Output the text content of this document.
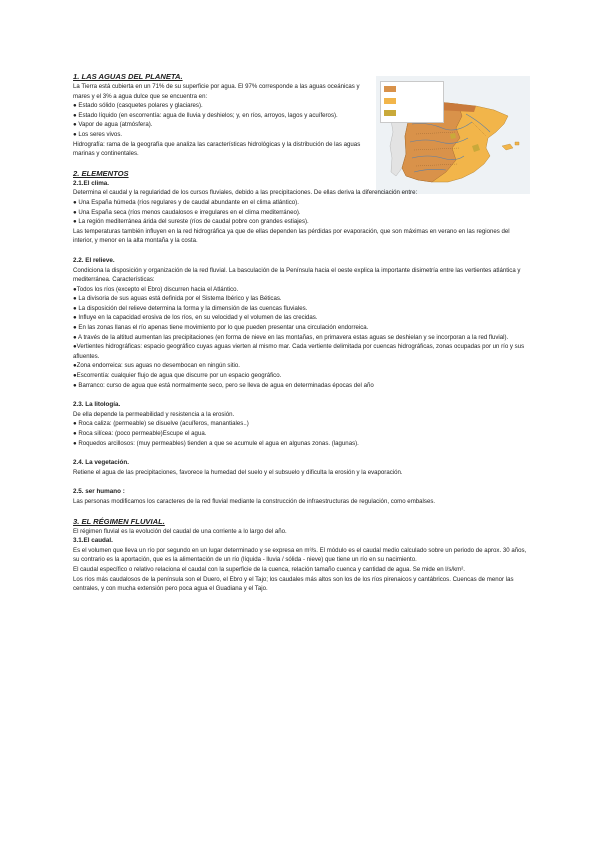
1. LAS AGUAS DEL PLANETA.

La Tierra está cubierta en un 71% de su superficie por agua. El 97% corresponde a las aguas oceánicas y mares y el 3% a agua dulce que se encuentra en:

● Estado sólido (casquetes polares y glaciares).

● Estado líquido (en escorrentía: agua de lluvia y deshielos; y, en ríos, arroyos, lagos y acuíferos).

● Vapor de agua (atmósfera).

● Los seres vivos.

Hidrografía: rama de la geografía que analiza las características hidrológicas y la distribución de las aguas marinas y continentales.

2. ELEMENTOS

2.1.El clima.

Determina el caudal y la regularidad de los cursos fluviales, debido a las precipitaciones. De ellas deriva la diferenciación entre:

● Una España húmeda (ríos regulares y de caudal abundante en el clima atlántico).

● Una España seca (ríos menos caudalosos e irregulares en el clima mediterráneo).

● La región mediterránea árida del sureste (ríos de caudal pobre con grandes estiajes).

Las temperaturas también influyen en la red hidrográfica ya que de ellas dependen las pérdidas por evaporación, que son máximas en verano en las regiones del interior, y menor en la alta montaña y la costa.

2.2. El relieve.

Condiciona la disposición y organización de la red fluvial. La basculación de la Península hacia el oeste explica la importante disimetría entre las vertientes atlántica y mediterránea. Características:

●Todos los ríos (excepto el Ebro) discurren hacia el Atlántico.

● La divisoria de sus aguas está definida por el Sistema Ibérico y las Béticas.

● La disposición del relieve determina la forma y la dimensión de las cuencas fluviales.

● Influye en la capacidad erosiva de los ríos, en su velocidad y el volumen de las crecidas.

● En las zonas llanas el río apenas tiene movimiento por lo que pueden presentar una circulación endorreica.

● A través de la altitud aumentan las precipitaciones (en forma de nieve en las montañas, en primavera estas aguas se deshielan y se incorporan a la red fluvial).

●Vertientes hidrográficas: espacio geográfico cuyas aguas vierten al mismo mar. Cada vertiente delimitada por cuencas hidrográficas, zonas ocupadas por un río y sus afluentes.

●Zona endorreica: sus aguas no desembocan en ningún sitio.

●Escorrentía: cualquier flujo de agua que discurre por un espacio geográfico.

● Barranco: curso de agua que está normalmente seco, pero se lleva de agua en determinadas épocas del año

2.3. La litología.

De ella depende la permeabilidad y resistencia a la erosión.

● Roca caliza: (permeable) se disuelve (acuíferos, manantiales..)

● Roca silícea: (poco permeable)Escupe el agua.

● Roquedos arcillosos: (muy permeables) tienden a que se acumule el agua en algunas zonas. (lagunas).

2.4. La vegetación.

Retiene el agua de las precipitaciones, favorece la humedad del suelo y el subsuelo y dificulta la erosión y la evaporación.

2.5. ser humano :

Las personas modificamos los caracteres de la red fluvial mediante la construcción de infraestructuras de regulación, como embalses.

3. EL RÉGIMEN FLUVIAL.

El régimen fluvial es la evolución del caudal de una corriente a lo largo del año.

3.1.El caudal.

Es el volumen que lleva un río por segundo en un lugar determinado y se expresa en m³/s. El módulo es el caudal medio calculado sobre un periodo de aprox. 30 años, su contrario es la aportación, que es la alimentación de un río (líquida - lluvia / sólida - nieve) que tiene un río en su nacimiento.

El caudal específico o relativo relaciona el caudal con la superficie de la cuenca, relación tamaño cuenca y cantidad de agua. Se mide en l/s/km².

Los ríos más caudalosos de la península son el Duero, el Ebro y el Tajo; los caudales más altos son los de los ríos pirenaicos y cantábricos. Cuencas de menor las centrales, y con mucha extensión pero poca agua el Guadiana y el Tajo.
